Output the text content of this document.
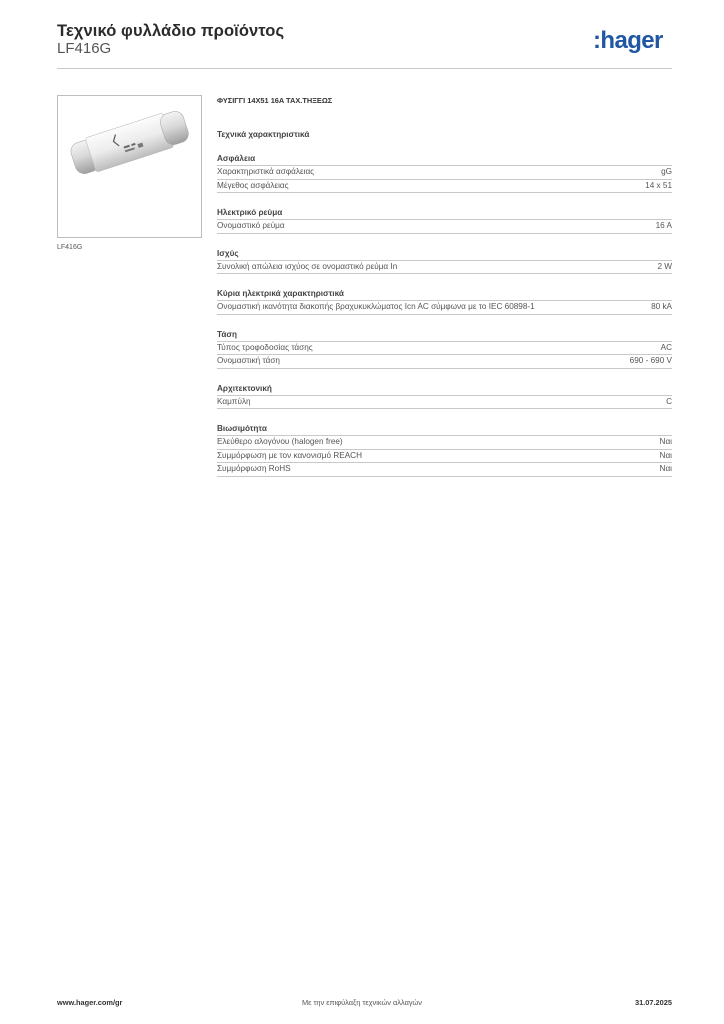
Τεχνικό φυλλάδιο προϊόντος
LF416G	:hager
LF416G
ΦΥΣΙΓΓΙ 14X51 16A ΤΑΧ.ΤΗΞΕΩΣ
Τεχνικά χαρακτηριστικά
Ασφάλεια
Χαρακτηριστικά ασφάλειας	gG
Μέγεθος ασφάλειας	14 x 51
Ηλεκτρικό ρεύμα
Ονομαστικό ρεύμα	16 A
Ισχύς
Συνολική απώλεια ισχύος σε ονομαστικό ρεύμα In	2 W
Κύρια ηλεκτρικά χαρακτηριστικά
Ονομαστική ικανότητα διακοπής βραχυκυκλώματος Icn AC σύμφωνα με το IEC 60898-1	80 kA
Τάση
Τύπος τροφοδοσίας τάσης	AC
Ονομαστική τάση	690 - 690 V
Αρχιτεκτονική
Καμπύλη	C
Βιωσιμότητα
Ελεύθερο αλογόνου (halogen free)	Ναι
Συμμόρφωση με τον κανονισμό REACH	Ναι
Συμμόρφωση RoHS	Ναι
www.hager.com/gr	Με την επιφύλαξη τεχνικών αλλαγών	31.07.2025
